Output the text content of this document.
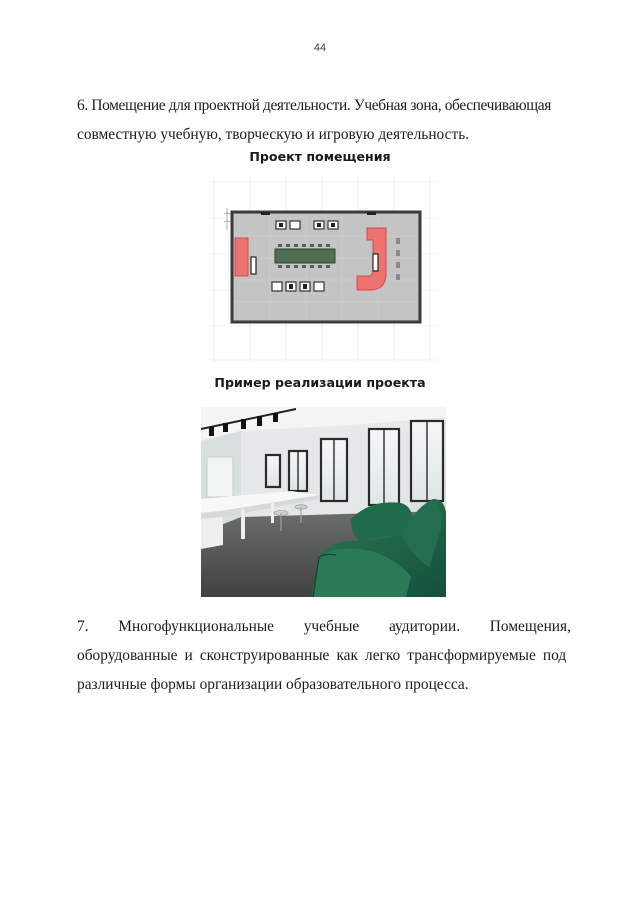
44
6. Помещение для проектной деятельности. Учебная зона, обеспечивающая
совместную учебную, творческую и игровую деятельность.
Проект помещения
Пример реализации проекта
7. Многофункциональные учебные аудитории. Помещения,
оборудованные и сконструированные как легко трансформируемые под
различные формы организации образовательного процесса.
